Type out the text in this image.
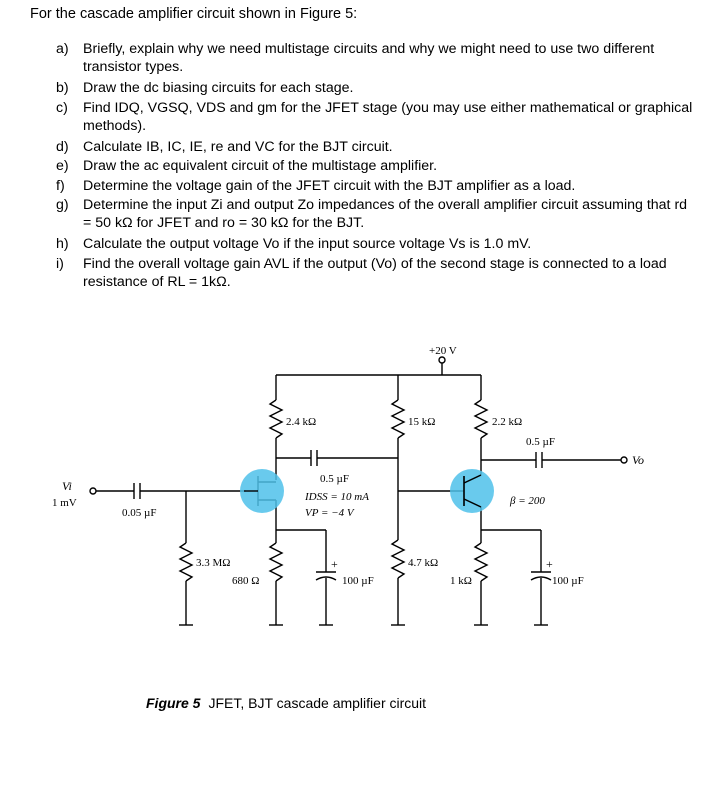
For the cascade amplifier circuit shown in Figure 5:
a)	Briefly, explain why we need multistage circuits and why we might need to use two different transistor types.
b)	Draw the dc biasing circuits for each stage.
c)	Find IDQ, VGSQ, VDS and gm for the JFET stage (you may use either mathematical or graphical methods).
d)	Calculate IB, IC, IE, re and VC for the BJT circuit.
e)	Draw the ac equivalent circuit of the multistage amplifier.
f)	Determine the voltage gain of the JFET circuit with the BJT amplifier as a load.
g)	Determine the input Zi and output Zo impedances of the overall amplifier circuit assuming that rd = 50 kΩ for JFET and ro = 30 kΩ for the BJT.
h)	Calculate the output voltage Vo if the input source voltage Vs is 1.0 mV.
i)	Find the overall voltage gain AVL if the output (Vo) of the second stage is connected to a load resistance of RL = 1kΩ.
+20 V
2.4 kΩ	15 kΩ	2.2 kΩ
0.5 µF
Vo
0.5 µF
IDSS = 10 mA
VP = −4 V
Vi
1 mV
0.05 µF
β = 200
3.3 MΩ
680 Ω	100 µF
4.7 kΩ
1 kΩ	100 µF
+	+
Figure 5 JFET, BJT cascade amplifier circuit
